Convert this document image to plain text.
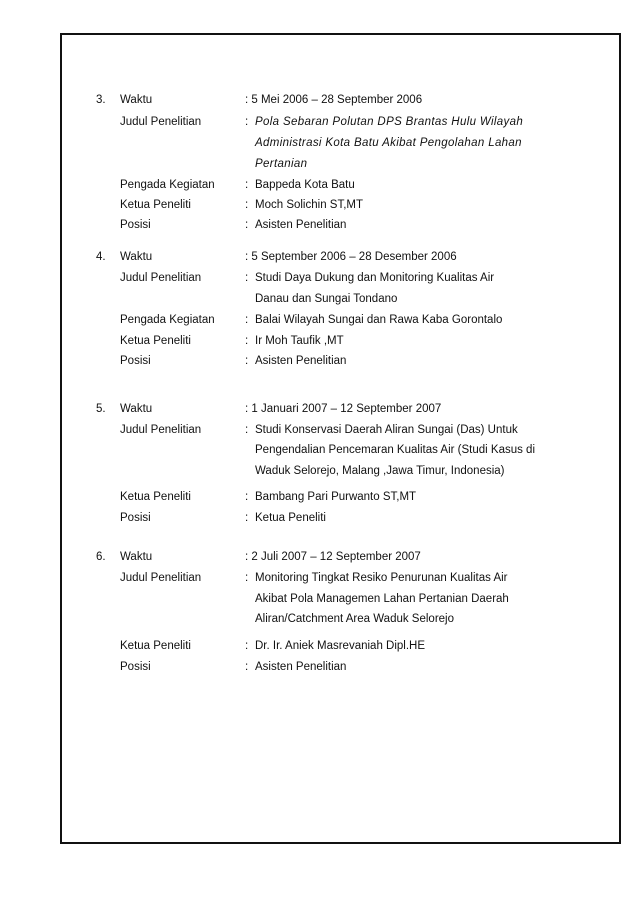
3. Waktu	: 5 Mei 2006 – 28 September 2006
Judul Penelitian	: Pola Sebaran Polutan DPS Brantas Hulu Wilayah
Administrasi Kota Batu Akibat Pengolahan Lahan
Pertanian
Pengada Kegiatan	: Bappeda Kota Batu
Ketua Peneliti	: Moch Solichin ST,MT
Posisi	: Asisten Penelitian
4. Waktu	: 5 September 2006 – 28 Desember 2006
Judul Penelitian	: Studi Daya Dukung dan Monitoring Kualitas Air
Danau dan Sungai Tondano
Pengada Kegiatan	: Balai Wilayah Sungai dan Rawa Kaba Gorontalo
Ketua Peneliti	: Ir Moh Taufik ,MT
Posisi	: Asisten Penelitian
5. Waktu	: 1 Januari 2007 – 12 September 2007
Judul Penelitian	: Studi Konservasi Daerah Aliran Sungai (Das) Untuk
Pengendalian Pencemaran Kualitas Air (Studi Kasus di
Waduk Selorejo, Malang ,Jawa Timur, Indonesia)
Ketua Peneliti	: Bambang Pari Purwanto ST,MT
Posisi	: Ketua Peneliti
6. Waktu	: 2 Juli 2007 – 12 September 2007
Judul Penelitian	: Monitoring Tingkat Resiko Penurunan Kualitas Air
Akibat Pola Managemen Lahan Pertanian Daerah
Aliran/Catchment Area Waduk Selorejo
Ketua Peneliti	: Dr. Ir. Aniek Masrevaniah Dipl.HE
Posisi	: Asisten Penelitian
